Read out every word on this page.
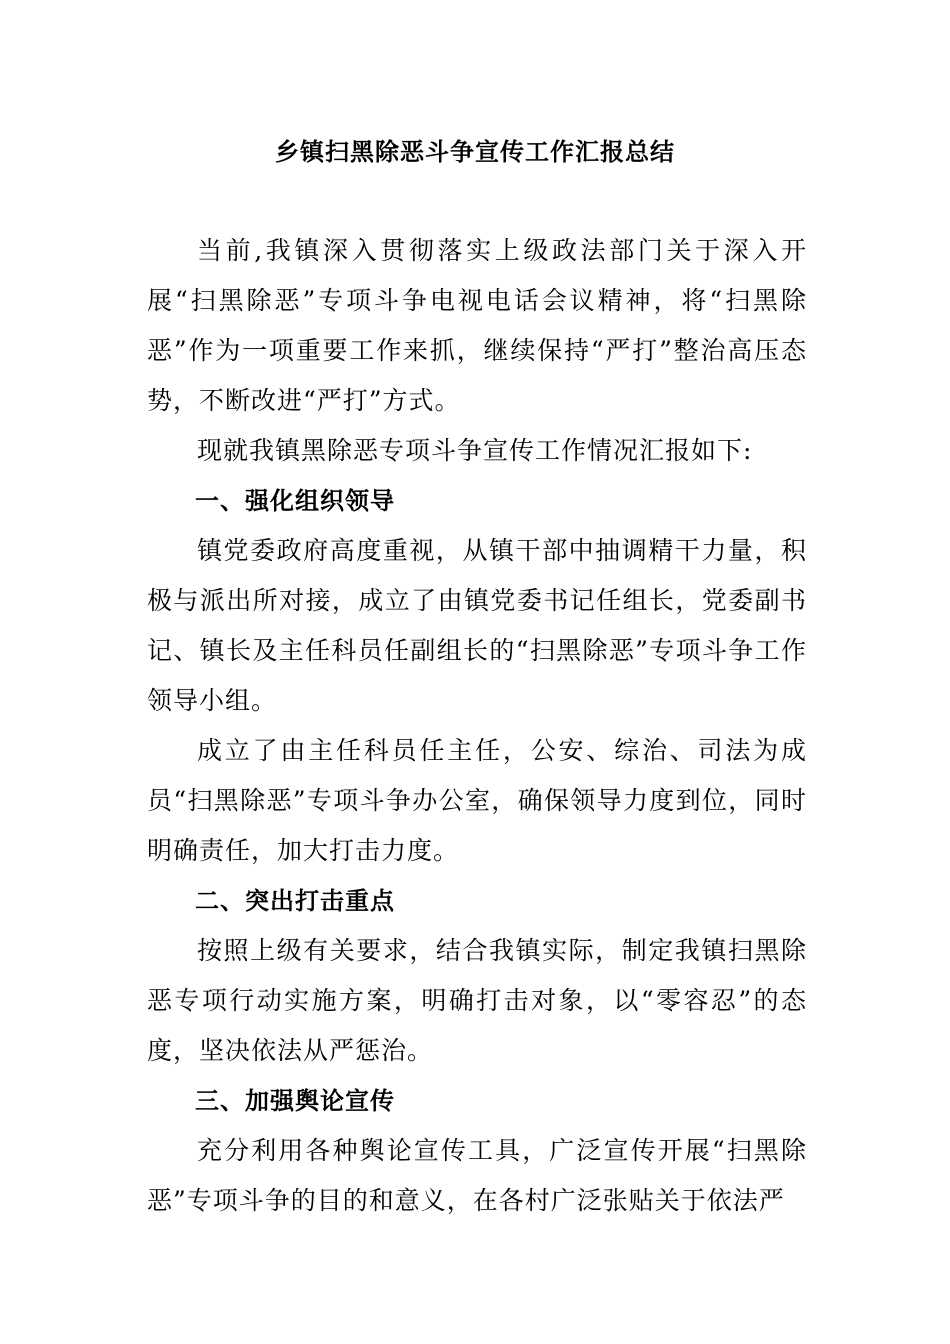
乡镇扫黑除恶斗争宣传工作汇报总结

当前,我镇深入贯彻落实上级政法部门关于深入开展“扫黑除恶”专项斗争电视电话会议精神，将“扫黑除恶”作为一项重要工作来抓，继续保持“严打”整治高压态势，不断改进“严打”方式。

现就我镇黑除恶专项斗争宣传工作情况汇报如下:

一、强化组织领导

镇党委政府高度重视，从镇干部中抽调精干力量，积极与派出所对接，成立了由镇党委书记任组长，党委副书记、镇长及主任科员任副组长的“扫黑除恶”专项斗争工作领导小组。

成立了由主任科员任主任，公安、综治、司法为成员“扫黑除恶”专项斗争办公室，确保领导力度到位，同时明确责任，加大打击力度。

二、突出打击重点

按照上级有关要求，结合我镇实际，制定我镇扫黑除恶专项行动实施方案，明确打击对象，以“零容忍”的态度，坚决依法从严惩治。

三、加强舆论宣传

充分利用各种舆论宣传工具，广泛宣传开展“扫黑除恶”专项斗争的目的和意义，在各村广泛张贴关于依法严
